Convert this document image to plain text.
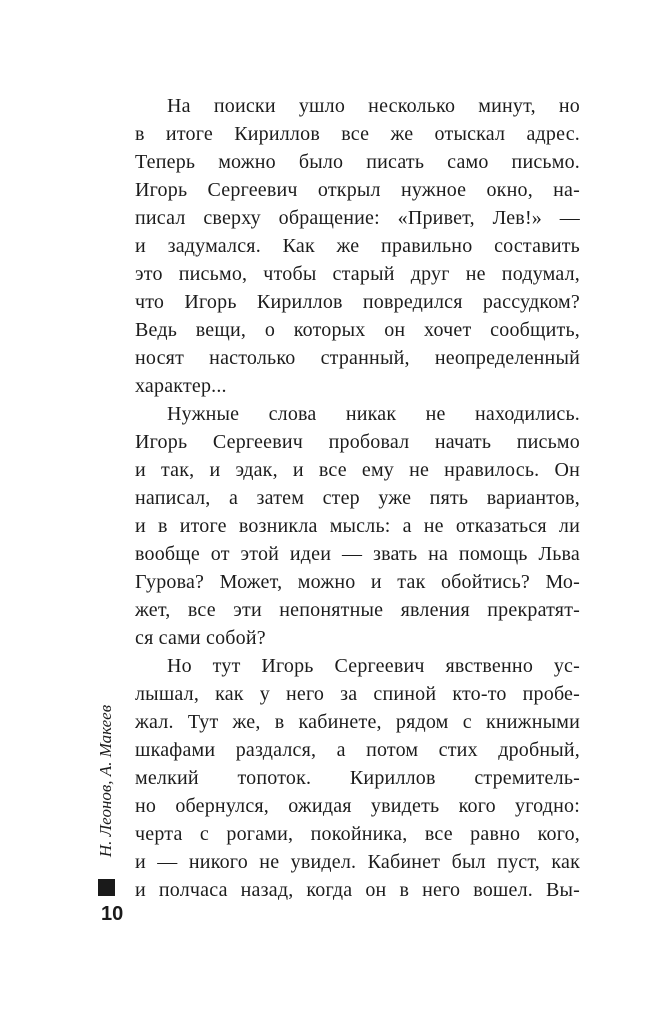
На поиски ушло несколько минут, но
в итоге Кириллов все же отыскал адрес.
Теперь можно было писать само письмо.
Игорь Сергеевич открыл нужное окно, на-
писал сверху обращение: «Привет, Лев!» —
и задумался. Как же правильно составить
это письмо, чтобы старый друг не подумал,
что Игорь Кириллов повредился рассудком?
Ведь вещи, о которых он хочет сообщить,
носят настолько странный, неопределенный
характер...
Нужные слова никак не находились.
Игорь Сергеевич пробовал начать письмо
и так, и эдак, и все ему не нравилось. Он
написал, а затем стер уже пять вариантов,
и в итоге возникла мысль: а не отказаться ли
вообще от этой идеи — звать на помощь Льва
Гурова? Может, можно и так обойтись? Мо-
жет, все эти непонятные явления прекратят-
ся сами собой?
Но тут Игорь Сергеевич явственно ус-
лышал, как у него за спиной кто-то пробе-
жал. Тут же, в кабинете, рядом с книжными
шкафами раздался, а потом стих дробный,
мелкий топоток. Кириллов стремитель-
но обернулся, ожидая увидеть кого угодно:
черта с рогами, покойника, все равно кого,
и — никого не увидел. Кабинет был пуст, как
и полчаса назад, когда он в него вошел. Вы-
Н. Леонов, А. Макеев
10
